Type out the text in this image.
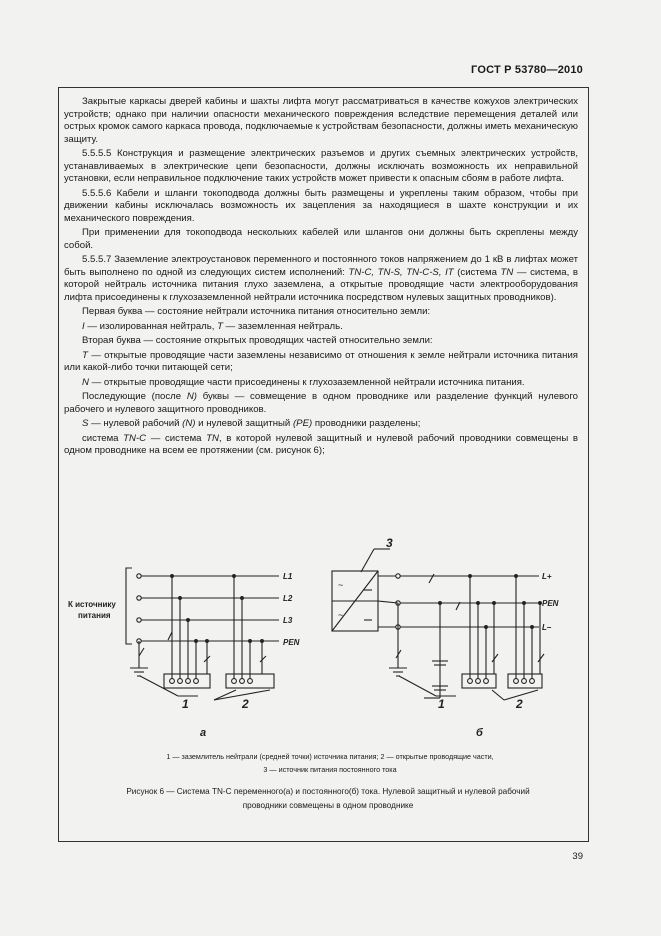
ГОСТ Р 53780—2010

Закрытые каркасы дверей кабины и шахты лифта могут рассматриваться в качестве кожухов электрических устройств; однако при наличии опасности механического повреждения вследствие перемещения деталей или острых кромок самого каркаса провода, подключаемые к устройствам безопасности, должны иметь механическую защиту.

5.5.5.5 Конструкция и размещение электрических разъемов и других съемных электрических устройств, устанавливаемых в электрические цепи безопасности, должны исключать возможность их неправильной установки, если неправильное подключение таких устройств может привести к опасным сбоям в работе лифта.

5.5.5.6 Кабели и шланги токоподвода должны быть размещены и укреплены таким образом, чтобы при движении кабины исключалась возможность их зацепления за находящиеся в шахте конструкции и их механического повреждения.

При применении для токоподвода нескольких кабелей или шлангов они должны быть скреплены между собой.

5.5.5.7 Заземление электроустановок переменного и постоянного токов напряжением до 1 кВ в лифтах может быть выполнено по одной из следующих систем исполнений: TN-C, TN-S, TN-C-S, IT (система TN — система, в которой нейтраль источника питания глухо заземлена, а открытые проводящие части электрооборудования лифта присоединены к глухозаземленной нейтрали источника посредством нулевых защитных проводников).

Первая буква — состояние нейтрали источника питания относительно земли:

I — изолированная нейтраль, T — заземленная нейтраль.

Вторая буква — состояние открытых проводящих частей относительно земли:

T — открытые проводящие части заземлены независимо от отношения к земле нейтрали источника питания или какой-либо точки питающей сети;

N — открытые проводящие части присоединены к глухозаземленной нейтрали источника питания.

Последующие (после N) буквы — совмещение в одном проводнике или разделение функций нулевого рабочего и нулевого защитного проводников.

S — нулевой рабочий (N) и нулевой защитный (PE) проводники разделены;

система TN-C — система TN, в которой нулевой защитный и нулевой рабочий проводники совмещены в одном проводнике на всем ее протяжении (см. рисунок 6);

К источнику
питания
L1
L2
L3
PEN
1	2
а
~
~
3
L+
PEN
L–
1	2
б
1 — заземлитель нейтрали (средней точки) источника питания; 2 — открытые проводящие части,
3 — источник питания постоянного тока
Рисунок 6 — Система TN-C переменного(а) и постоянного(б) тока. Нулевой защитный и нулевой рабочий
проводники совмещены в одном проводнике
39
